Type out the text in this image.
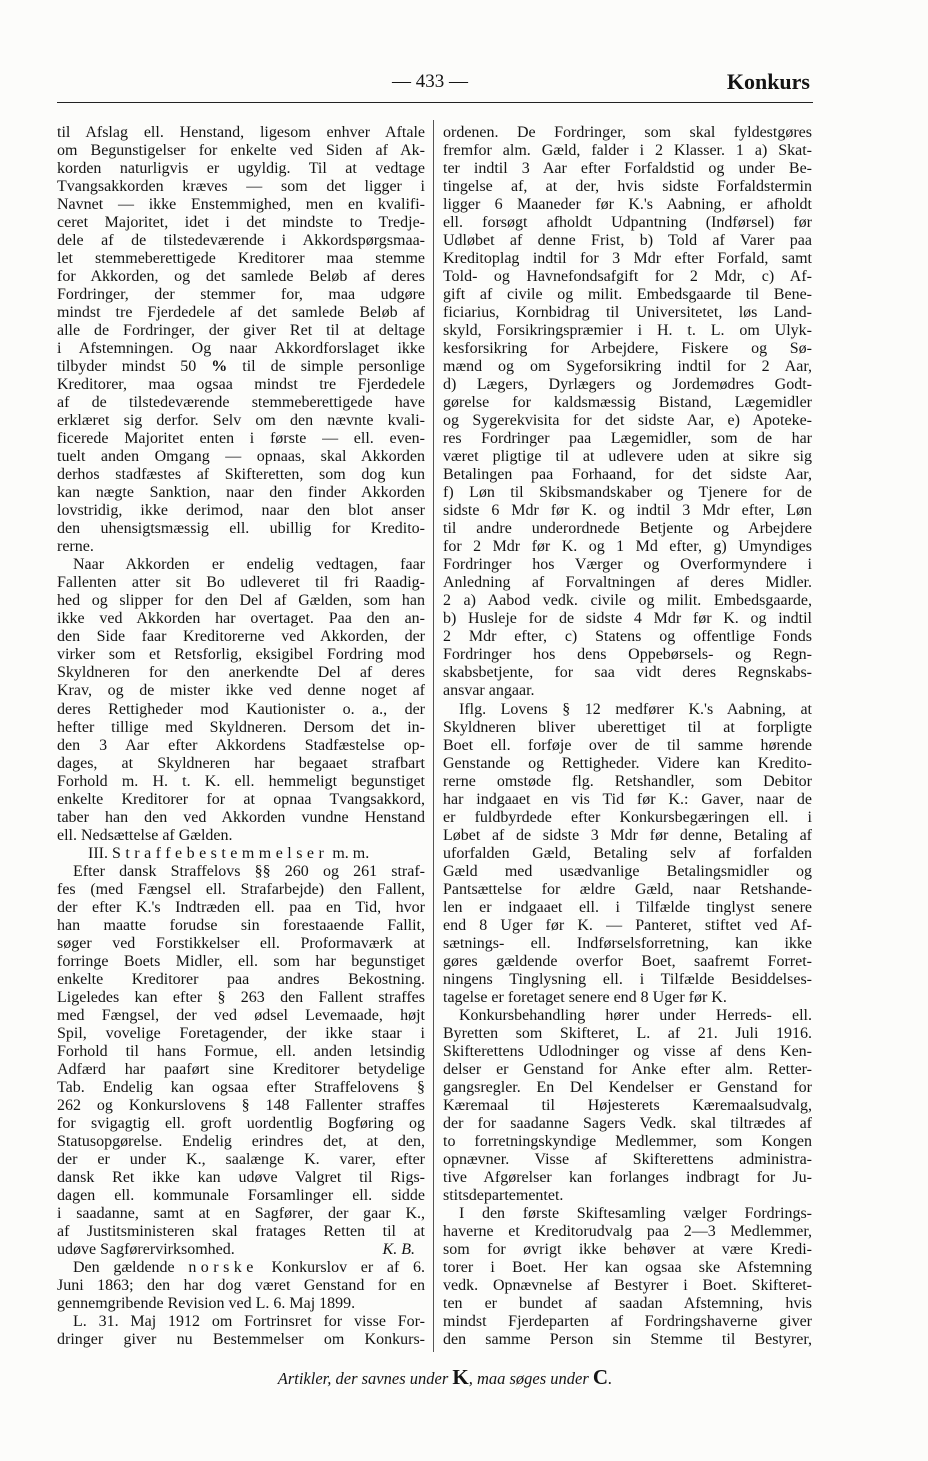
— 433 —	Konkurs
til Afslag ell. Henstand, ligesom enhver Aftale
om Begunstigelser for enkelte ved Siden af Ak-
korden naturligvis er ugyldig. Til at vedtage
Tvangsakkorden kræves — som det ligger i
Navnet — ikke Enstemmighed, men en kvalifi-
ceret Majoritet, idet i det mindste to Tredje-
dele af de tilstedeværende i Akkordspørgsmaa-
let stemmeberettigede Kreditorer maa stemme
for Akkorden, og det samlede Beløb af deres
Fordringer, der stemmer for, maa udgøre
mindst tre Fjerdedele af det samlede Beløb af
alle de Fordringer, der giver Ret til at deltage
i Afstemningen. Og naar Akkordforslaget ikke
tilbyder mindst 50 % til de simple personlige
Kreditorer, maa ogsaa mindst tre Fjerdedele
af de tilstedeværende stemmeberettigede have
erklæret sig derfor. Selv om den nævnte kvali-
ficerede Majoritet enten i første — ell. even-
tuelt anden Omgang — opnaas, skal Akkorden
derhos stadfæstes af Skifteretten, som dog kun
kan nægte Sanktion, naar den finder Akkorden
lovstridig, ikke derimod, naar den blot anser
den uhensigtsmæssig ell. ubillig for Kredito-
rerne.
Naar Akkorden er endelig vedtagen, faar
Fallenten atter sit Bo udleveret til fri Raadig-
hed og slipper for den Del af Gælden, som han
ikke ved Akkorden har overtaget. Paa den an-
den Side faar Kreditorerne ved Akkorden, der
virker som et Retsforlig, eksigibel Fordring mod
Skyldneren for den anerkendte Del af deres
Krav, og de mister ikke ved denne noget af
deres Rettigheder mod Kautionister o. a., der
hefter tillige med Skyldneren. Dersom det in-
den 3 Aar efter Akkordens Stadfæstelse op-
dages, at Skyldneren har begaaet strafbart
Forhold m. H. t. K. ell. hemmeligt begunstiget
enkelte Kreditorer for at opnaa Tvangsakkord,
taber han den ved Akkorden vundne Henstand
ell. Nedsættelse af Gælden.
III. Straffebestemmelser m. m.
Efter dansk Straffelovs §§ 260 og 261 straf-
fes (med Fængsel ell. Strafarbejde) den Fallent,
der efter K.'s Indtræden ell. paa en Tid, hvor
han maatte forudse sin forestaaende Fallit,
søger ved Forstikkelser ell. Proformaværk at
forringe Boets Midler, ell. som har begunstiget
enkelte Kreditorer paa andres Bekostning.
Ligeledes kan efter § 263 den Fallent straffes
med Fængsel, der ved ødsel Levemaade, højt
Spil, vovelige Foretagender, der ikke staar i
Forhold til hans Formue, ell. anden letsindig
Adfærd har paaført sine Kreditorer betydelige
Tab. Endelig kan ogsaa efter Straffelovens §
262 og Konkurslovens § 148 Fallenter straffes
for svigagtig ell. groft uordentlig Bogføring og
Statusopgørelse. Endelig erindres det, at den,
der er under K., saalænge K. varer, efter
dansk Ret ikke kan udøve Valgret til Rigs-
dagen ell. kommunale Forsamlinger ell. sidde
i saadanne, samt at en Sagfører, der gaar K.,
af Justitsministeren skal fratages Retten til at
udøve Sagførervirksomhed.	K. B.
Den gældende norske Konkurslov er af 6.
Juni 1863; den har dog været Genstand for en
gennemgribende Revision ved L. 6. Maj 1899.
L. 31. Maj 1912 om Fortrinsret for visse For-
dringer giver nu Bestemmelser om Konkurs-
ordenen. De Fordringer, som skal fyldestgøres
fremfor alm. Gæld, falder i 2 Klasser. 1 a) Skat-
ter indtil 3 Aar efter Forfaldstid og under Be-
tingelse af, at der, hvis sidste Forfaldstermin
ligger 6 Maaneder før K.'s Aabning, er afholdt
ell. forsøgt afholdt Udpantning (Indførsel) før
Udløbet af denne Frist, b) Told af Varer paa
Kreditoplag indtil for 3 Mdr efter Forfald, samt
Told- og Havnefondsafgift for 2 Mdr, c) Af-
gift af civile og milit. Embedsgaarde til Bene-
ficiarius, Kornbidrag til Universitetet, løs Land-
skyld, Forsikringspræmier i H. t. L. om Ulyk-
kesforsikring for Arbejdere, Fiskere og Sø-
mænd og om Sygeforsikring indtil for 2 Aar,
d) Lægers, Dyrlægers og Jordemødres Godt-
gørelse for kaldsmæssig Bistand, Lægemidler
og Sygerekvisita for det sidste Aar, e) Apoteke-
res Fordringer paa Lægemidler, som de har
været pligtige til at udlevere uden at sikre sig
Betalingen paa Forhaand, for det sidste Aar,
f) Løn til Skibsmandskaber og Tjenere for de
sidste 6 Mdr før K. og indtil 3 Mdr efter, Løn
til andre underordnede Betjente og Arbejdere
for 2 Mdr før K. og 1 Md efter, g) Umyndiges
Fordringer hos Værger og Overformyndere i
Anledning af Forvaltningen af deres Midler.
2 a) Aabod vedk. civile og milit. Embedsgaarde,
b) Husleje for de sidste 4 Mdr før K. og indtil
2 Mdr efter, c) Statens og offentlige Fonds
Fordringer hos dens Oppebørsels- og Regn-
skabsbetjente, for saa vidt deres Regnskabs-
ansvar angaar.
Iflg. Lovens § 12 medfører K.'s Aabning, at
Skyldneren bliver uberettiget til at forpligte
Boet ell. forføje over de til samme hørende
Genstande og Rettigheder. Videre kan Kredito-
rerne omstøde flg. Retshandler, som Debitor
har indgaaet en vis Tid før K.: Gaver, naar de
er fuldbyrdede efter Konkursbegæringen ell. i
Løbet af de sidste 3 Mdr før denne, Betaling af
uforfalden Gæld, Betaling selv af forfalden
Gæld med usædvanlige Betalingsmidler og
Pantsættelse for ældre Gæld, naar Retshande-
len er indgaaet ell. i Tilfælde tinglyst senere
end 8 Uger før K. — Panteret, stiftet ved Af-
sætnings- ell. Indførselsforretning, kan ikke
gøres gældende overfor Boet, saafremt Forret-
ningens Tinglysning ell. i Tilfælde Besiddelses-
tagelse er foretaget senere end 8 Uger før K.
Konkursbehandling hører under Herreds- ell.
Byretten som Skifteret, L. af 21. Juli 1916.
Skifterettens Udlodninger og visse af dens Ken-
delser er Genstand for Anke efter alm. Retter-
gangsregler. En Del Kendelser er Genstand for
Kæremaal til Højesterets Kæremaalsudvalg,
der for saadanne Sagers Vedk. skal tiltrædes af
to forretningskyndige Medlemmer, som Kongen
opnævner. Visse af Skifterettens administra-
tive Afgørelser kan forlanges indbragt for Ju-
stitsdepartementet.
I den første Skiftesamling vælger Fordrings-
haverne et Kreditorudvalg paa 2—3 Medlemmer,
som for øvrigt ikke behøver at være Kredi-
torer i Boet. Her kan ogsaa ske Afstemning
vedk. Opnævnelse af Bestyrer i Boet. Skifteret-
ten er bundet af saadan Afstemning, hvis
mindst Fjerdeparten af Fordringshaverne giver
den samme Person sin Stemme til Bestyrer,
Artikler, der savnes under K, maa søges under C.
